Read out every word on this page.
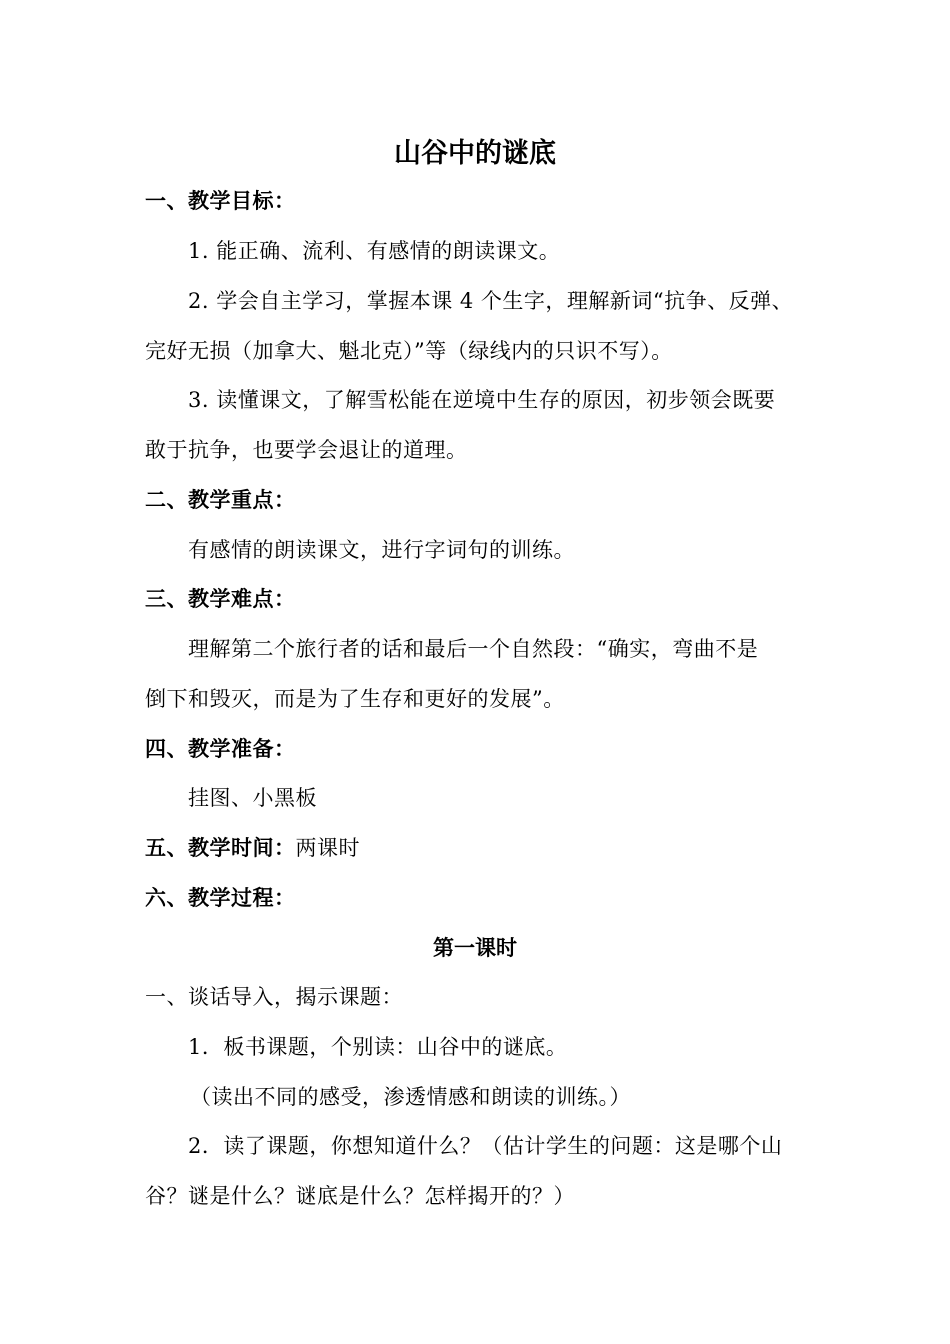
山谷中的谜底
一、教学目标：
1. 能正确、流利、有感情的朗读课文。
2. 学会自主学习，掌握本课 4 个生字，理解新词“抗争、反弹、
完好无损（加拿大、魁北克）”等（绿线内的只识不写）。
3. 读懂课文，了解雪松能在逆境中生存的原因，初步领会既要
敢于抗争，也要学会退让的道理。
二、教学重点：
有感情的朗读课文，进行字词句的训练。
三、教学难点：
理解第二个旅行者的话和最后一个自然段：“确实，弯曲不是
倒下和毁灭，而是为了生存和更好的发展”。
四、教学准备：
挂图、小黑板
五、教学时间：两课时
六、教学过程：
第一课时
一、谈话导入，揭示课题：
1．板书课题，个别读：山谷中的谜底。
（读出不同的感受，渗透情感和朗读的训练。）
2．读了课题，你想知道什么？（估计学生的问题：这是哪个山
谷？谜是什么？谜底是什么？怎样揭开的？）
